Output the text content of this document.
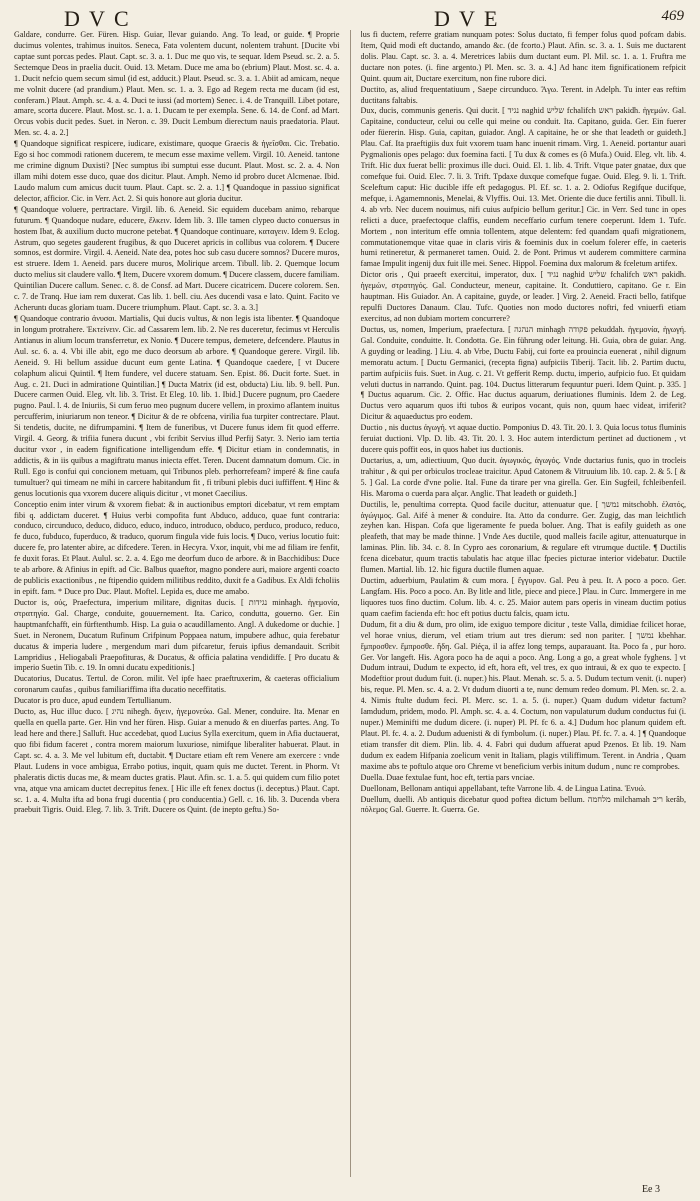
D V C	D V E	469

Galdare, condurre. Ger. Füren. Hisp. Guiar, llevar guiando. Ang. To lead, or guide. ¶ Proprie ducimus volentes, trahimus inuitos. Seneca, Fata volentem ducunt, nolentem trahunt. [Ducite vbi captae sunt porcas pedes. Plaut. Capt. sc. 3. a. 1. Duc me quo vis, te sequar. Idem Pseud. sc. 2. a. 5. Sectemque Deos in praelia ducit. Ouid. 13. Metam. Duce me ama bo (ebrium) Plaut. Most. sc. 4. a. 1. Ducit nefcio quem secum simul (id est, adducit.) Plaut. Pseud. sc. 3. a. 1. Abiit ad amicam, neque me volnit ducere (ad prandium.) Plaut. Men. sc. 1. a. 3. Ego ad Regem recta me ducam (id est, conferam.) Plaut. Amph. sc. 4. a. 4. Duci te iussi (ad mortem) Senec. i. 4. de Tranquill. Libet potare, amare, scorta ducere. Plaut. Most. sc. 1. a. 1. Ducam te per exempla. Sene. 6. 14. de Conf. ad Mart. Orcus vobis ducit pedes. Suet. in Neron. c. 39. Ducit Lembum dierectum nauis praedatoria. Plaut. Men. sc. 4. a. 2.]

¶ Quandoque significat respicere, iudicare, existimare, quoque Graecis & ἡγεῖσθαι. Cic. Trebatio. Ego si hoc commodi rationem ducerem, te mecum esse maxime vellem. Virgil. 10. Aeneid. tantone me crimine dignum Duxisti? [Nec sumptus ibi sumptui esse ducunt. Plaut. Most. sc. 2. a. 4. Non illam mihi dotem esse duco, quae dos dicitur. Plaut. Amph. Nemo id probro ducet Alcmenae. Ibid. Laudo malum cum amicus ducit tuum. Plaut. Capt. sc. 2. a. 1.] ¶ Quandoque in passiuo significat delector, afficior. Cic. in Verr. Act. 2. Si quis honore aut gloria ducitur.

¶ Quandoque voluere, pertractare. Virgil. lib. 6. Aeneid. Sic equidem ducebam animo, rebarque futurum. ¶ Quandoque nudare, educere, ἕλκειν. Idem lib. 3. Ille tamen clypeo ducto conuersus in hostem Ibat, & auxilium ducto mucrone petebat. ¶ Quandoque continuare, καταγειν. Idem 9. Eclog. Astrum, quo segetes gauderent frugibus, & quo Duceret apricis in collibus vua colorem. ¶ Ducere somnos, est dormire. Virgil. 4. Aeneid. Nate dea, potes hoc sub casu ducere somnos? Ducere muros, est struere. Idem 1. Aeneid. pars ducere muros, Molirique arcem. Tibull. lib. 2. Quemque locum ducto melius sit claudere vallo. ¶ Item, Ducere vxorem domum. ¶ Ducere classem, ducere familiam.

Quintilian Ducere callum. Senec. c. 8. de Consf. ad Mart. Ducere cicatricem. Ducere colorem. Sen. c. 7. de Tranq. Hue iam rem duxerat. Cas lib. 1. bell. ciu. Aes ducendi vasa e lato. Quint. Facito ve Acheruntı ducas gloriam tuam. Ducere triumphum. Plaut. Capt. sc. 3. a. 3.]

¶ Quandoque contrario ἀνυσαι. Martialis, Qui ducis vultus, & non legis ista libenter. ¶ Quandoque in longum protrahere. Ἐκτείνειν. Cic. ad Cassarem lem. lib. 2. Ne res duceretur, fecimus vt Herculis Antianus in alium locum transferretur, ex Nonio. ¶ Ducere tempus, demetere, defcendere. Plautus in Aul. sc. 6. a. 4. Vbi ille abit, ego me duco deorsum ab arbore. ¶ Quandoque gerere. Virgil. lib. Aeneid. 9. Hi bellum assidue ducunt eum gente Latina. ¶ Quandoque caedere, [ vt Ducere colaphum alicui Quintil. ¶ Item fundere, vel ducere statuam. Sen. Epist. 86. Ducit forte. Suet. in Aug. c. 21. Duci in admiratione Quintilian.] ¶ Ducta Matrix (id est, obducta) Liu. lib. 9. bell. Pun. Ducere carmen Ouid. Eleg. vlt. lib. 3. Trist. Et Eleg. 10. lib. 1. Ibid.] Ducere pugnum, pro Caedere pugno. Paul. l. 4. de Iniuriis, Si cum feruo meo pugnum ducere vellem, in proximo aflantem inuitus percufferim, iniuriarum non teneor. ¶ Dicitur & de re obfcena, virilia fua turpiter contrectare. Plaut. Si tendetis, ducite, ne difrumpamini. ¶ Item de funeribus, vt Ducere funus idem fit quod efferre. Virgil. 4. Georg. & trifiia funera ducunt , vbi fcribit Servius illud Perfij Satyr. 3. Nerio iam tertia ducitur vxor , in eadem fignificatione intelligendum effe. ¶ Dicitur etiam in condemnatis, in addictis, & in iis quibus a magiftratu manus iniecta effet. Teren. Ducent damnatum domum. Cic. in Rull. Ego is confui qui concionem metuam, qui Tribunos pleb. perhorrefeam? imperé & fine caufa tumultuer? qui timeam ne mihi in carcere habitandum fit , fi tribuni plebis duci iuffiffent. ¶ Hinc & genus locutionis qua vxorem ducere aliquis dicitur , vt monet Caecilius.

Conceptio enim inter virum & vxorem fiebat: & in auctionibus emptori dicebatur, vt rem emptam fibi q. addictam duceret. ¶ Huius verbi compofita funt Abduco, adduco, quae funt contraria: conduco, circunduco, deduco, diduco, educo, induco, introduco, obduco, perduco, produco, reduco, fe duco, fubduco, fuperduco, & traduco, quorum fingula vide fuis locis. ¶ Duco, verius locutio fuit: ducere fe, pro latenter abire, ac difcedere. Teren. in Hecyra. Vxor, inquit, vbi me ad filiam ire fenfit, fe duxit foras. Et Plaut. Aulul. sc. 2. a. 4. Ego me deorfum duco de arbore. & in Bacchidibus: Duce te ab arbore. & Afinius in epift. ad Cic. Balbus quaeftor, magno pondere auri, maiore argenti coacto de publicis exactionibus , ne ftipendio quidem militibus reddito, duxit fe a Gadibus. Ex Aldi fcholiis in epift. fam. * Duce pro Duc. Plaut. Moftel. Lepida es, duce me amabo.

Ductor is, οὐς, Praefectura, imperium militare, dignitas ducis. [ נגידות minhagh. ἡγεμονία, στρατηγία. Gal. Charge, conduite, gouuernement. Ita. Carico, condutta, gouerno. Ger. Ein hauptmanfchafft, ein fürftenthumb. Hisp. La guia o acaudillamento. Angl. A dukedome or duchie. ] Suet. in Neronem, Ducatum Rufinum Crifpinum Poppaea natum, impubere adhuc, quia ferebatur ducatus & imperia ludere , mergendum mari dum pifcaretur, feruis ipfius demandauit. Scribit Lampridius , Heliogabali Praepofituras, & Ducatus, & officia palatina vendidiffe. [ Pro ducatu & imperio Suetin Tib. c. 19. In omni ducatu expeditionis.]

Ducatorius, Ducatus. Tertul. de Coron. milit. Vel ipfe haec praeftruxerim, & caeteras officialium coronarum caufas , quibus familiariffima ifta ducatio neceffitatis.

Ducator is pro duce, apud eundem Tertullianum.

Ducto, as, Huc illuc duco. [ נהיג nihegh. ἄγειν, ἡγεμονεύω. Gal. Mener, conduire. Ita. Menar en quella en quella parte. Ger. Hin vnd her füren. Hisp. Guiar a menudo & en diuerfas partes. Ang. To lead here and there.] Salluft. Huc accedebat, quod Lucius Sylla exercitum, quem in Afia ductauerat, quo fibi fidum faceret , contra morem maiorum luxuriose, nimifque liberaliter habuerat. Plaut. in Capt. sc. 4. a. 3. Me vel lubitum eft, ductabit. ¶ Ductare etiam eft rem Venere am exercere : vnde Plaut. Ludens in voce ambigua, Errabo potius, inquit, quam quis me ductet. Terent. in Phorm. Vt phaleratis dictis ducas me, & meam ductes gratis. Plaut. Afin. sc. 1. a. 5. qui quidem cum filio potet vna, atque vna amicam ductet decrepitus fenex. [ Hic ille eft fenex doctus (i. deceptus.) Plaut. Capt. sc. 1. a. 4. Multa ifta ad bona frugi ducentia ( pro conducentia.) Gell. c. 16. lib. 3. Ducenda vbera praebuit Tigris. Ouid. Eleg. 7. lib. 3. Trift. Ducere os Quint. (de inepto geftu.) So-

lus fi ductem, referre gratiam nunquam potes: Solus ductato, fi femper folus quod pofcam dabis. Item, Quid modi eft ductando, amando &c. (de fcorto.) Plaut. Afin. sc. 3. a. 1. Suis me ductarent dolis. Plau. Capt. sc. 3. a. 4. Meretrices labiis dum ductant eum. Pl. Mil. sc. 1. a. 1. Fruftra me ductare non potes. (i. fine argento.) Pl. Men. sc. 3. a. 4.] Ad hanc item fignificationem refpicit Quint. quum ait, Ductare exercitum, non fine rubore dici.

Ductito, as, aliud frequentatiuum , Saepe circunduco. Ἄγω. Terent. in Adelph. Tu inter eas reftim ductitans faltabis.

Dux, ducis, communis generis. Qui ducit. [ נגיד naghid שליש fchalifch ראש pakidh. ἡγεμών. Gal. Capitaine, conducteur, celui ou celle qui meine ou conduit. Ita. Capitano, guida. Ger. Ein fuerer oder füererin. Hisp. Guia, capitan, guiador. Angl. A capitaine, he or she that leadeth or guideth.] Plau. Caf. Ita praeftigiis dux fuit vxorem tuam hanc inuenit rimam. Virg. 1. Aeneid. portantur auari Pygmalionis opes pelago: dux foemina facti. [ Tu dux & comes es (ô Mufa.) Ouid. Eleg. vlt. lib. 4. Trift. Hic dux fuerat belli: proximus ille duci. Ouid. El. 1. lib. 4. Trift. Vtque pater gnatae, dux que comefque fui. Ouid. Elec. 7. li. 3. Trift. Tpdaxe duxque comefque fugae. Ouid. Eleg. 9. li. 1. Trift. Sceleftum caput: Hic ducible iffe eft pedagogus. Pl. Ef. sc. 1. a. 2. Odiofus Regifque ducifque, mefque, i. Agamemnonis, Menelai, & Vlyffis. Oui. 13. Met. Oriente die duce fertilis anni. Tibull. li. 4. ab vrb. Nec ducem nouimus, nifi cuius aufpicio bellum geritur.] Cic. in Verr. Sed tunc in opes relicti a duce, praefectoque claffis, eundem neceffario curfum tenere coeperunt. Idem 1. Tufc. Mortem , non interitum effe omnia tollentem, atque delentem: fed quandam quafi migrationem, commutationemque vitae quae in claris viris & foeminis dux in coelum folerer effe, in caeteris humi retineretur, & permaneret tamen. Ouid. 2. de Pont. Primus vt auderem committere carmina famae Impulit ingenij dux fuit ille mei. Senec. Hippol. Foemina dux malorum & fceletum artifex.

Dictor oris , Qui praeeft exercitui, imperator, dux. [ נגיד naghid שליש fchalifch ראש pakidh. ἡγεμών, στρατηγός. Gal. Conducteur, meneur, capitaine. It. Conduttiero, capitano. Ge r. Ein hauptman. His Guiador. An. A capitaine, guyde, or leader. ] Virg. 2. Aeneid. Fracti bello, fatifque repulfi Ductores Danaum. Clau. Tufc. Quoties non modo ductores noftri, fed vniuerfi etiam exercitus, ad non dubiam mortem concurrere?

Ductus, us, nomen, Imperium, praefectura. [ הנהגה minhagh פקודה pekuddah. ἡγεμονία, ἡγωγή. Gal. Conduite, conduitte. It. Condotta. Ge. Ein führung oder leitung. Hi. Guia, obra de guiar. Ang. A guyding or leading. ] Liu. 4. ab Vrbe, Ductu Fabij, cui forte ea prouincia euenerat , nihil dignum memoratu actum. [ Ductu Germanici, (recepta figna) aufpiciis Tiberij. Tacit. lib. 2. Partim ductu, partim aufpiciis fuis. Suet. in Aug. c. 21. Vt gefferit Remp. ductu, imperio, aufpicio fuo. Et quidam veluti ductus in narrando. Quint. pag. 104. Ductus litterarum fequuntur pueri. Idem Quint. p. 335. ] ¶ Ductus aquarum. Cic. 2. Offic. Hac ductus aquarum, deriuationes fluminis. Idem 2. de Leg. Ductus vero aquarum quos ifti tubos & euripos vocant, quis non, quum haec videat, irriferit? Dicitur & aquaeductus pro eodem.

Ductio , nis ductus ἀγωγή. vt aquae ductio. Pomponius D. 43. Tit. 20. l. 3. Quia locus totus fluminis feruiat ductioni. Vlp. D. lib. 43. Tit. 20. l. 3. Hoc autem interdictum pertinet ad ductionem , vt ducere quis poffit eos, in quos habet ius ductionis.

Ductarius, a, um, adiectiuum, Quo ducit. ἀγωγικός, ἀγωγός. Vnde ductarius funis, quo in trocleis trahitur , & qui per orbiculos trocleae traicitur. Apud Catonem & Vitruuium lib. 10. cap. 2. & 5. [ & 5. ] Gal. La corde d'vne polie. Ital. Fune da tirare per vna girella. Ger. Ein Sugfeil, fchleibenfeil. His. Maroma o cuerda para alçar. Anglic. That leadeth or guideth.]

Ductilis, le, penultima correpta. Quod facile ducitur, attenuatur que. [ נמשך mitschobh. ἐλατός, ἀγώγιμος. Gal. Aifé à mener & conduire. Ita. Atto da condurre. Ger. Zugig, das man leichtlich zeyhen kan. Hispan. Cofa que ligeramente fe pueda boluer. Ang. That is eafily guideth as one pleafeth, that may be made thinne. ] Vnde Aes ductile, quod malleis facile agitur, attenuaturque in laminas. Plin. lib. 34. c. 8. In Cypro aes coronarium, & regulare eft vtrumque ductile. ¶ Ductilis fcena dicebatur, quum tractis tabulatis hac atque illac fpecies picturae interior videbatur. Ductile flumen. Martial. lib. 12. hic figura ductile flumen aquae.

Ductim, aduerbium, Paulatim & cum mora. [ ἔγγυρον. Gal. Peu à peu. It. A poco a poco. Ger. Langfam. His. Poco a poco. An. By litle and litle, piece and piece.] Plau. in Curc. Immergere in me liquores tuos fino ductim. Colum. lib. 4. c. 25. Maior autem pars operis in vineam ductim potius quam caefim facienda eft: hoc eft potius ductu falcis, quam ictu.

Dudum, fit a diu & dum, pro olim, ide exiguo tempore dicitur , teste Valla, dimidiae fcilicet horae, vel horae vnius, dierum, vel etiam trium aut tres dierum: sed non pariter. [ נמשך kbehhar. ἔμπροσθεν. ἔμπροσθε. ἤδη. Gal. Piéça, il ia affez long temps, auparauant. Ita. Poco fa , pur horo. Ger. Vor langeft. His. Agora poco ha de aqui a poco. Ang. Long a go, a great whole fyghens. ] vt Dudum intraui, Dudum te expecto, id eft, hora eft, vel tres, ex quo intraui, & ex quo te expecto. [ Modeftior prout dudum fuit. (i. nuper.) his. Plaut. Menah. sc. 5. a. 5. Dudum tectum venit. (i. nuper) bis, reque. Pl. Men. sc. 4. a. 2. Vt dudum diuorti a te, nunc demum redeo domum. Pl. Men. sc. 2. a. 4. Nimis ftulte dudum feci. Pl. Merc. sc. 1. a. 5. (i. nuper.) Quam dudum videtur factum? Iamdudum, pridem, modo. Pl. Amph. sc. 4. a. 4. Coctum, non vapulaturum dudum conductus fui (i. nuper.) Meminifti me dudum dicere. (i. nuper) Pl. Pf. fc 6. a. 4.] Dudum hoc planum quidem eft. Plaut. Pl. fc. 4. a. 2. Dudum aduenisti & di fymbolum. (i. nuper.) Plau. Pf. fc. 7. a. 4. ] ¶ Quandoque etiam transfer dit diem. Plin. lib. 4. 4. Fabri qui dudum affuerat apud Pzenos. Et lib. 19. Nam dudum ex eadem Hifpania zoelicum venit in Italiam, plagis vtiliffimum. Terent. in Andria , Quam maxime abs te poftulo atque oro Chreme vt beneficium verbis initum dudum , nunc re comprobes.

Duella. Duae fextulae funt, hoc eft, tertia pars vnciae.

Duellonam, Bellonam antiqui appellabant, tefte Varrone lib. 4. de Lingua Latina. Ἐνυώ.

Duellum, duelli. Ab antiquis dicebatur quod poftea dictum bellum. מלחמה milchamah ריב kerâb, πόλεμος Gal. Guerre. It. Guerra. Ge.

Ee 3
